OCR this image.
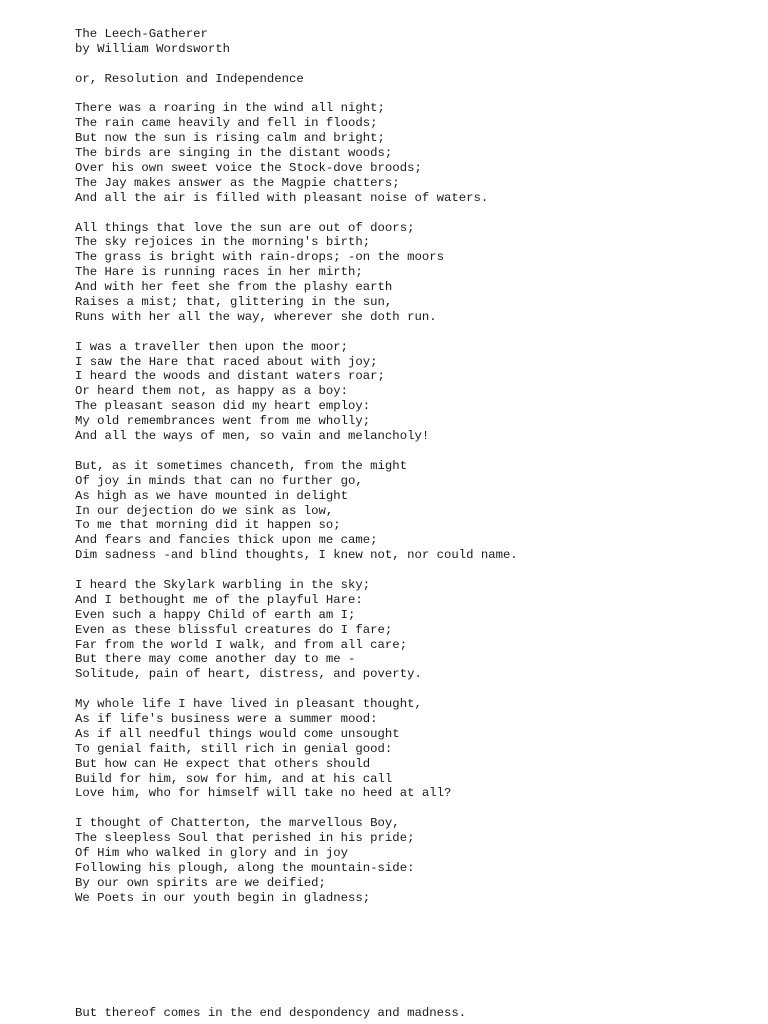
The Leech-Gatherer
by William Wordsworth
or, Resolution and Independence
There was a roaring in the wind all night;
The rain came heavily and fell in floods;
But now the sun is rising calm and bright;
The birds are singing in the distant woods;
Over his own sweet voice the Stock-dove broods;
The Jay makes answer as the Magpie chatters;
And all the air is filled with pleasant noise of waters.
All things that love the sun are out of doors;
The sky rejoices in the morning's birth;
The grass is bright with rain-drops; -on the moors
The Hare is running races in her mirth;
And with her feet she from the plashy earth
Raises a mist; that, glittering in the sun,
Runs with her all the way, wherever she doth run.
I was a traveller then upon the moor;
I saw the Hare that raced about with joy;
I heard the woods and distant waters roar;
Or heard them not, as happy as a boy:
The pleasant season did my heart employ:
My old remembrances went from me wholly;
And all the ways of men, so vain and melancholy!
But, as it sometimes chanceth, from the might
Of joy in minds that can no further go,
As high as we have mounted in delight
In our dejection do we sink as low,
To me that morning did it happen so;
And fears and fancies thick upon me came;
Dim sadness -and blind thoughts, I knew not, nor could name.
I heard the Skylark warbling in the sky;
And I bethought me of the playful Hare:
Even such a happy Child of earth am I;
Even as these blissful creatures do I fare;
Far from the world I walk, and from all care;
But there may come another day to me -
Solitude, pain of heart, distress, and poverty.
My whole life I have lived in pleasant thought,
As if life's business were a summer mood:
As if all needful things would come unsought
To genial faith, still rich in genial good:
But how can He expect that others should
Build for him, sow for him, and at his call
Love him, who for himself will take no heed at all?
I thought of Chatterton, the marvellous Boy,
The sleepless Soul that perished in his pride;
Of Him who walked in glory and in joy
Following his plough, along the mountain-side:
By our own spirits are we deified;
We Poets in our youth begin in gladness;
But thereof comes in the end despondency and madness.
